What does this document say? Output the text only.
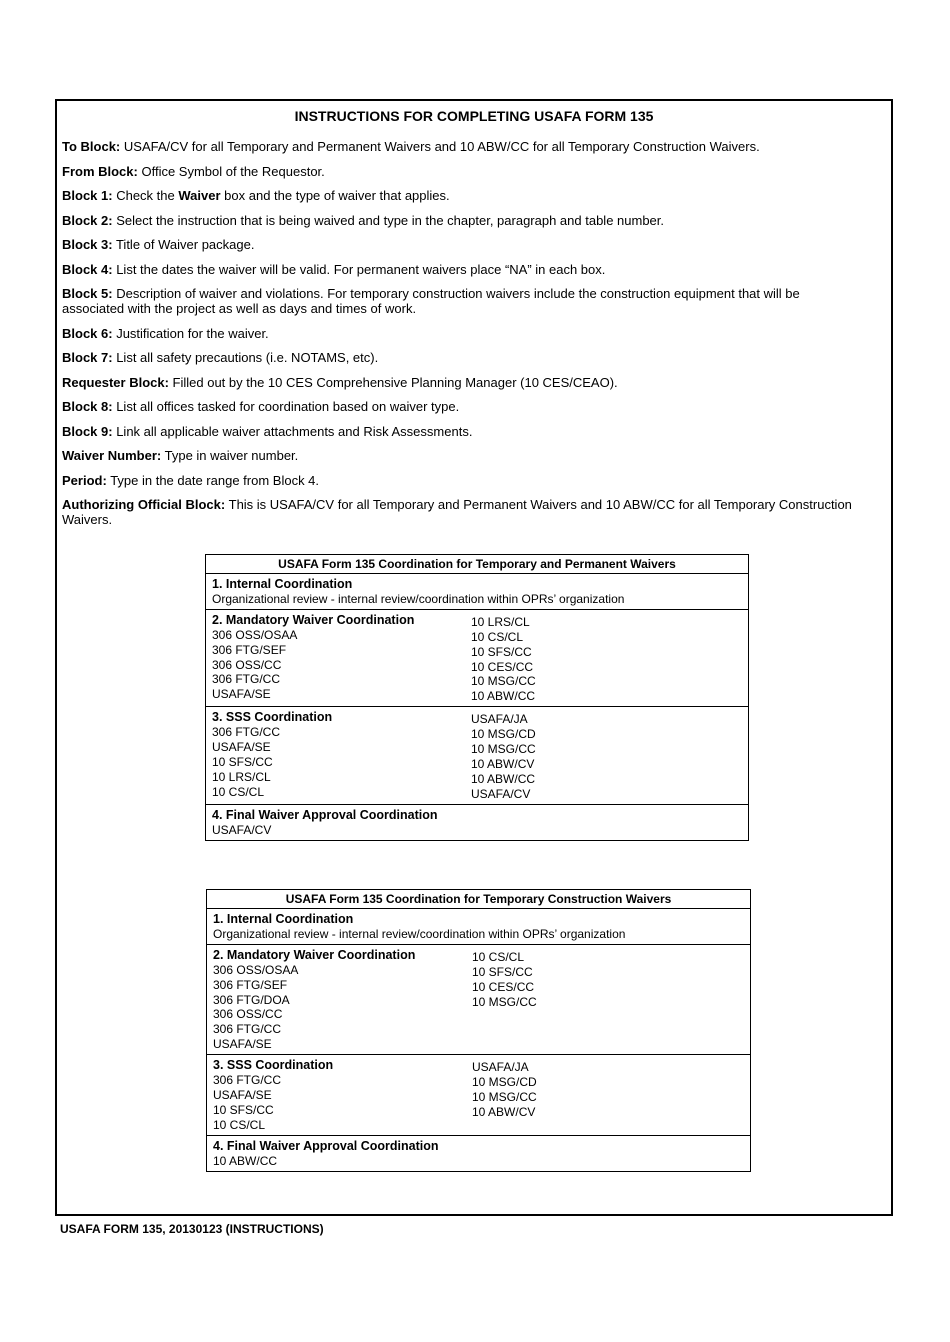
INSTRUCTIONS FOR COMPLETING USAFA FORM 135

To Block: USAFA/CV for all Temporary and Permanent Waivers and 10 ABW/CC for all Temporary Construction Waivers.

From Block: Office Symbol of the Requestor.

Block 1: Check the Waiver box and the type of waiver that applies.

Block 2: Select the instruction that is being waived and type in the chapter, paragraph and table number.

Block 3: Title of Waiver package.

Block 4: List the dates the waiver will be valid. For permanent waivers place “NA” in each box.

Block 5: Description of waiver and violations. For temporary construction waivers include the construction equipment that will be associated with the project as well as days and times of work.

Block 6: Justification for the waiver.

Block 7: List all safety precautions (i.e. NOTAMS, etc).

Requester Block: Filled out by the 10 CES Comprehensive Planning Manager (10 CES/CEAO).

Block 8: List all offices tasked for coordination based on waiver type.

Block 9: Link all applicable waiver attachments and Risk Assessments.

Waiver Number: Type in waiver number.

Period: Type in the date range from Block 4.

Authorizing Official Block: This is USAFA/CV for all Temporary and Permanent Waivers and 10 ABW/CC for all Temporary Construction Waivers.

USAFA Form 135 Coordination for Temporary and Permanent Waivers
1. Internal Coordination
Organizational review - internal review/coordination within OPRs’ organization
2. Mandatory Waiver Coordination
306 OSS/OSAA
306 FTG/SEF
306 OSS/CC
306 FTG/CC
USAFA/SE
10 LRS/CL
10 CS/CL
10 SFS/CC
10 CES/CC
10 MSG/CC
10 ABW/CC
3. SSS Coordination
306 FTG/CC
USAFA/SE
10 SFS/CC
10 LRS/CL
10 CS/CL
USAFA/JA
10 MSG/CD
10 MSG/CC
10 ABW/CV
10 ABW/CC
USAFA/CV
4. Final Waiver Approval Coordination
USAFA/CV
USAFA Form 135 Coordination for Temporary Construction Waivers
1. Internal Coordination
Organizational review - internal review/coordination within OPRs’ organization
2. Mandatory Waiver Coordination
306 OSS/OSAA
306 FTG/SEF
306 FTG/DOA
306 OSS/CC
306 FTG/CC
USAFA/SE
10 CS/CL
10 SFS/CC
10 CES/CC
10 MSG/CC
3. SSS Coordination
306 FTG/CC
USAFA/SE
10 SFS/CC
10 CS/CL
USAFA/JA
10 MSG/CD
10 MSG/CC
10 ABW/CV
4. Final Waiver Approval Coordination
10 ABW/CC
USAFA FORM 135, 20130123 (INSTRUCTIONS)
